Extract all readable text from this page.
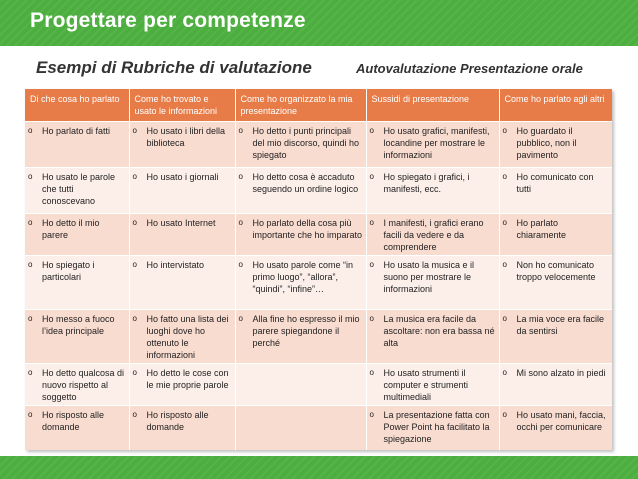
Progettare per competenze
Esempi di Rubriche di valutazione	Autovalutazione Presentazione orale
Di che cosa ho parlato	Come ho trovato e usato le informazioni	Come ho organizzato la mia presentazione	Sussidi di presentazione	Come ho parlato agli altri

o Ho parlato di fatti	o Ho usato i libri della biblioteca	o Ho detto i punti principali del mio discorso, quindi ho spiegato	o Ho usato grafici, manifesti, locandine per mostrare le informazioni	o Ho guardato il pubblico, non il pavimento

o Ho usato le parole che tutti conoscevano	o Ho usato i giornali	o Ho detto cosa è accaduto seguendo un ordine logico	o Ho spiegato i grafici, i manifesti, ecc.	o Ho comunicato con tutti

o Ho detto il mio parere	o Ho usato Internet	o Ho parlato della cosa più importante che ho imparato	o I manifesti, i grafici erano facili da vedere e da comprendere	o Ho parlato chiaramente

o Ho spiegato i particolari	o Ho intervistato	o Ho usato parole come “in primo luogo”, “allora”, “quindi”, “infine”…	o Ho usato la musica e il suono per mostrare le informazioni	o Non ho comunicato troppo velocemente

o Ho messo a fuoco l’idea principale	o Ho fatto una lista dei luoghi dove ho ottenuto le informazioni	o Alla fine ho espresso il mio parere spiegandone il perché	o La musica era facile da ascoltare: non era bassa né alta	o La mia voce era facile da sentirsi

o Ho detto qualcosa di nuovo rispetto al soggetto	o Ho detto le cose con le mie proprie parole		o Ho usato strumenti il computer e strumenti multimediali	o Mi sono alzato in piedi

o Ho risposto alle domande	o Ho risposto alle domande		o La presentazione fatta con Power Point ha facilitato la spiegazione	o Ho usato mani, faccia, occhi per comunicare
